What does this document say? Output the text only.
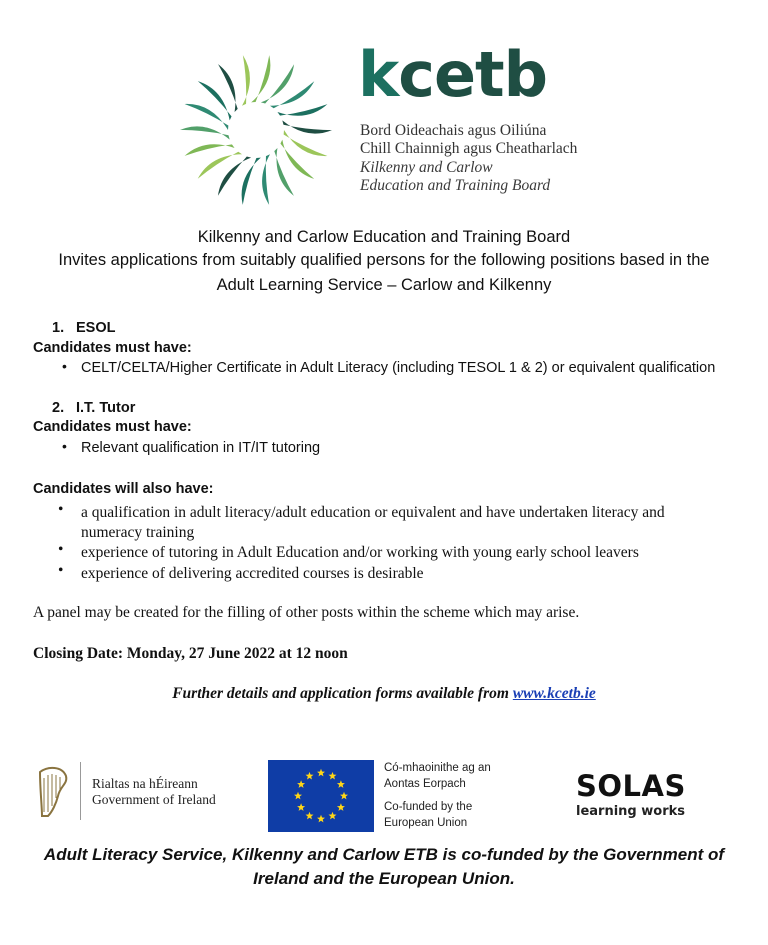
kcetb
Bord Oideachais agus Oiliúna
Chill Chainnigh agus Cheatharlach
Kilkenny and Carlow
Education and Training Board
Kilkenny and Carlow Education and Training Board
Invites applications from suitably qualified persons for the following positions based in the
Adult Learning Service – Carlow and Kilkenny
1. ESOL
Candidates must have:
• CELT/CELTA/Higher Certificate in Adult Literacy (including TESOL 1 & 2) or equivalent qualification
2. I.T. Tutor
Candidates must have:
• Relevant qualification in IT/IT tutoring
Candidates will also have:
• a qualification in adult literacy/adult education or equivalent and have undertaken literacy and
numeracy training
• experience of tutoring in Adult Education and/or working with young early school leavers
• experience of delivering accredited courses is desirable
A panel may be created for the filling of other posts within the scheme which may arise.
Closing Date: Monday, 27 June 2022 at 12 noon
Further details and application forms available from www.kcetb.ie
Rialtas na hÉireann
Government of Ireland
Có-mhaoinithe ag an
Aontas Eorpach
Co-funded by the
European Union
SOLAS
learning works
Adult Literacy Service, Kilkenny and Carlow ETB is co-funded by the Government of
Ireland and the European Union.
